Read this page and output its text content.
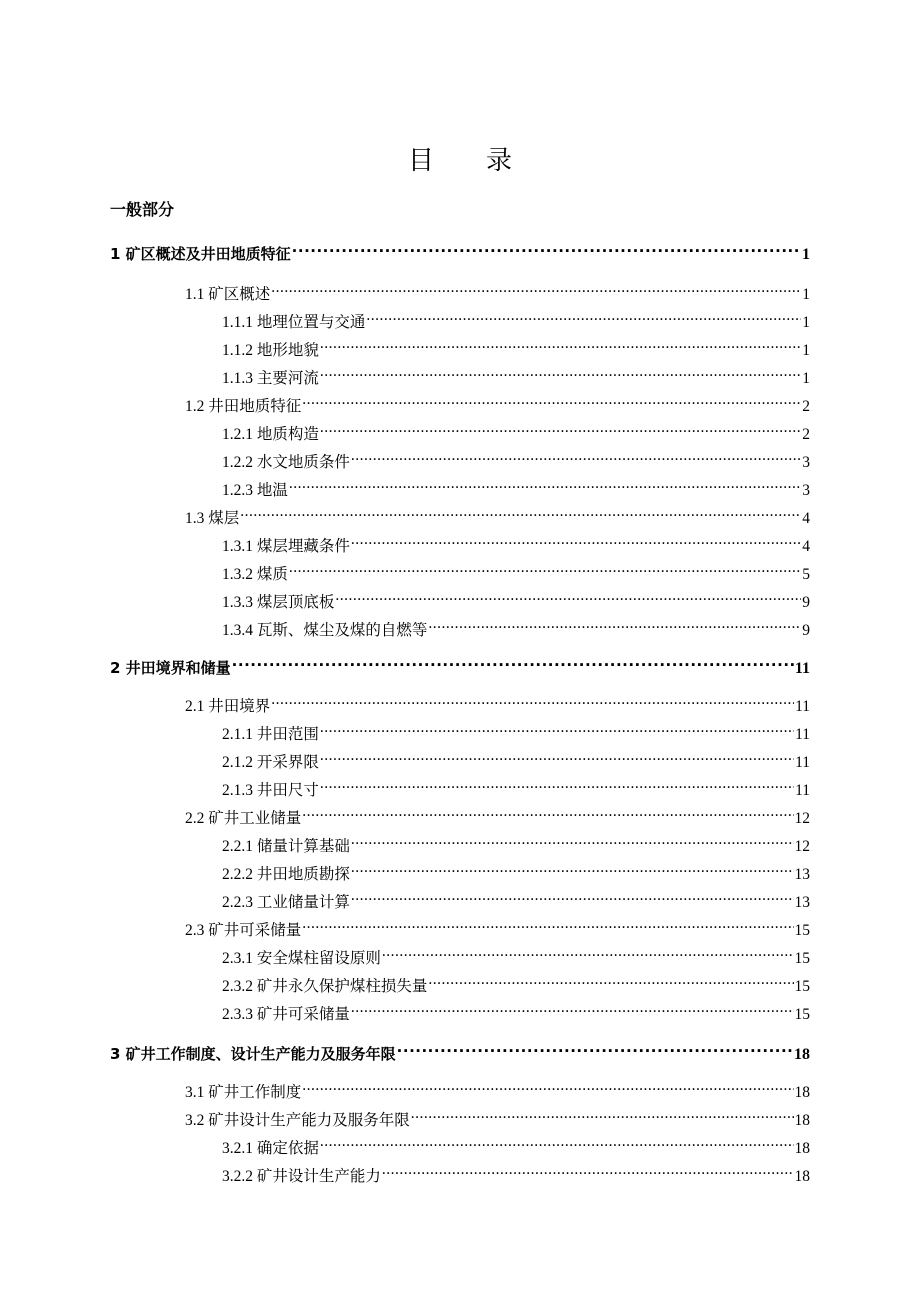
目 录
一般部分
1 矿区概述及井田地质特征 .....	1
1.1 矿区概述 .....	1
1.1.1 地理位置与交通 .....	1
1.1.2 地形地貌 .....	1
1.1.3 主要河流 .....	1
1.2 井田地质特征 .....	2
1.2.1 地质构造 .....	2
1.2.2 水文地质条件 .....	3
1.2.3 地温 .....	3
1.3 煤层 .....	4
1.3.1 煤层埋藏条件 .....	4
1.3.2 煤质 .....	5
1.3.3 煤层顶底板 .....	9
1.3.4 瓦斯、煤尘及煤的自燃等 .....	9
2 井田境界和储量 .....	11
2.1 井田境界 .....	11
2.1.1 井田范围 .....	11
2.1.2 开采界限 .....	11
2.1.3 井田尺寸 .....	11
2.2 矿井工业储量 .....	12
2.2.1 储量计算基础 .....	12
2.2.2 井田地质勘探 .....	13
2.2.3 工业储量计算 .....	13
2.3 矿井可采储量 .....	15
2.3.1 安全煤柱留设原则 .....	15
2.3.2 矿井永久保护煤柱损失量 .....	15
2.3.3 矿井可采储量 .....	15
3 矿井工作制度、设计生产能力及服务年限 .....	18
3.1 矿井工作制度 .....	18
3.2 矿井设计生产能力及服务年限 .....	18
3.2.1 确定依据 .....	18
3.2.2 矿井设计生产能力 .....	18
